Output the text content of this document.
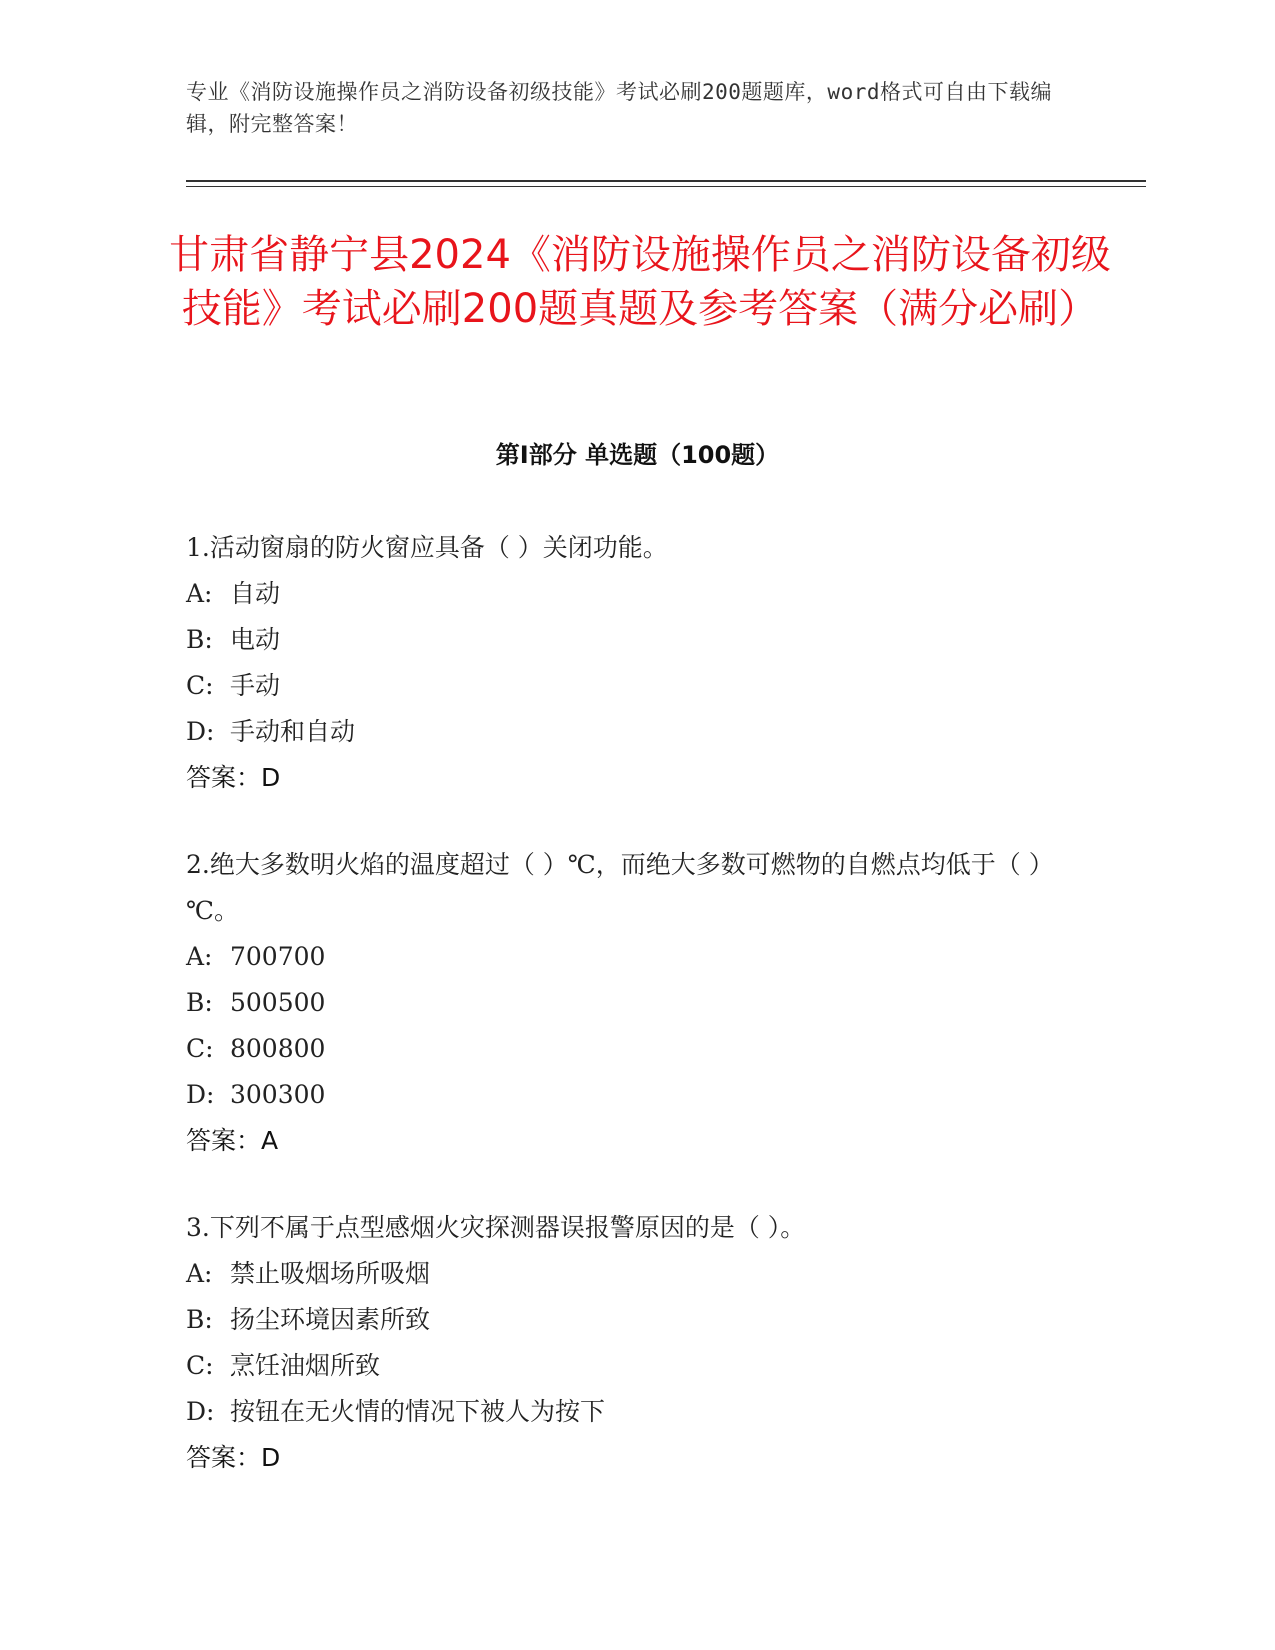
专业《消防设施操作员之消防设备初级技能》考试必刷200题题库，word格式可自由下载编辑，附完整答案！
甘肃省静宁县2024《消防设施操作员之消防设备初级技能》考试必刷200题真题及参考答案（满分必刷）
第I部分 单选题（100题）

1.活动窗扇的防火窗应具备（ ）关闭功能。

A: 自动

B: 电动

C: 手动

D: 手动和自动

答案：D

2.绝大多数明火焰的温度超过（ ）℃，而绝大多数可燃物的自燃点均低于（ ）℃。

A: 700700

B: 500500

C: 800800

D: 300300

答案：A

3.下列不属于点型感烟火灾探测器误报警原因的是（ ）。

A: 禁止吸烟场所吸烟

B: 扬尘环境因素所致

C: 烹饪油烟所致

D: 按钮在无火情的情况下被人为按下

答案：D
